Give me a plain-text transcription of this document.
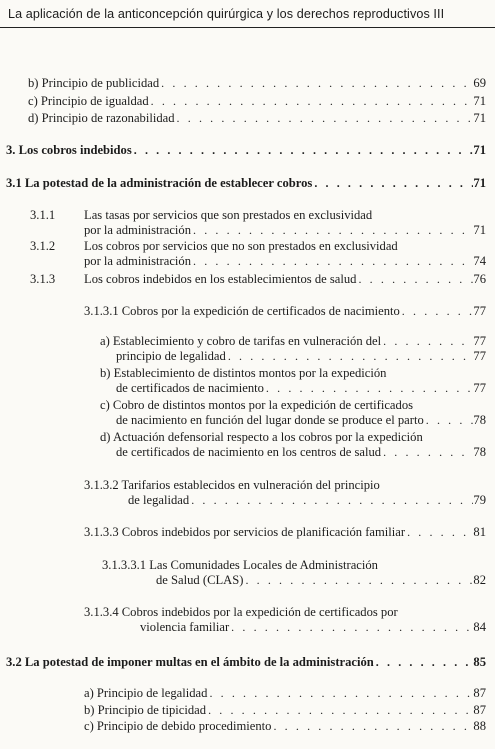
La aplicación de la anticoncepción quirúrgica y los derechos reproductivos III
b) Principio de publicidad . . .	69
c) Principio de igualdad . . .	71
d) Principio de razonabilidad . . .	71
3. Los cobros indebidos . . .	71
3.1 La potestad de la administración de establecer cobros . . .	71
3.1.1 Las tasas por servicios que son prestados en exclusividad
por la administración . . .	71
3.1.2 Los cobros por servicios que no son prestados en exclusividad
por la administración . . .	74
3.1.3 Los cobros indebidos en los establecimientos de salud . . .	76
3.1.3.1 Cobros por la expedición de certificados de nacimiento . . .	77
a) Establecimiento y cobro de tarifas en vulneración del . . .	77
principio de legalidad . . .	77
b) Establecimiento de distintos montos por la expedición
de certificados de nacimiento . . .	77
c) Cobro de distintos montos por la expedición de certificados
de nacimiento en función del lugar donde se produce el parto . . .	78
d) Actuación defensorial respecto a los cobros por la expedición
de certificados de nacimiento en los centros de salud . . .	78
3.1.3.2 Tarifarios establecidos en vulneración del principio
de legalidad . . .	79
3.1.3.3 Cobros indebidos por servicios de planificación familiar . . .	81
3.1.3.3.1 Las Comunidades Locales de Administración
de Salud (CLAS) . . .	82
3.1.3.4 Cobros indebidos por la expedición de certificados por
violencia familiar . . .	84
3.2 La potestad de imponer multas en el ámbito de la administración . . .	85
a) Principio de legalidad . . .	87
b) Principio de tipicidad . . .	87
c) Principio de debido procedimiento . . .	88
